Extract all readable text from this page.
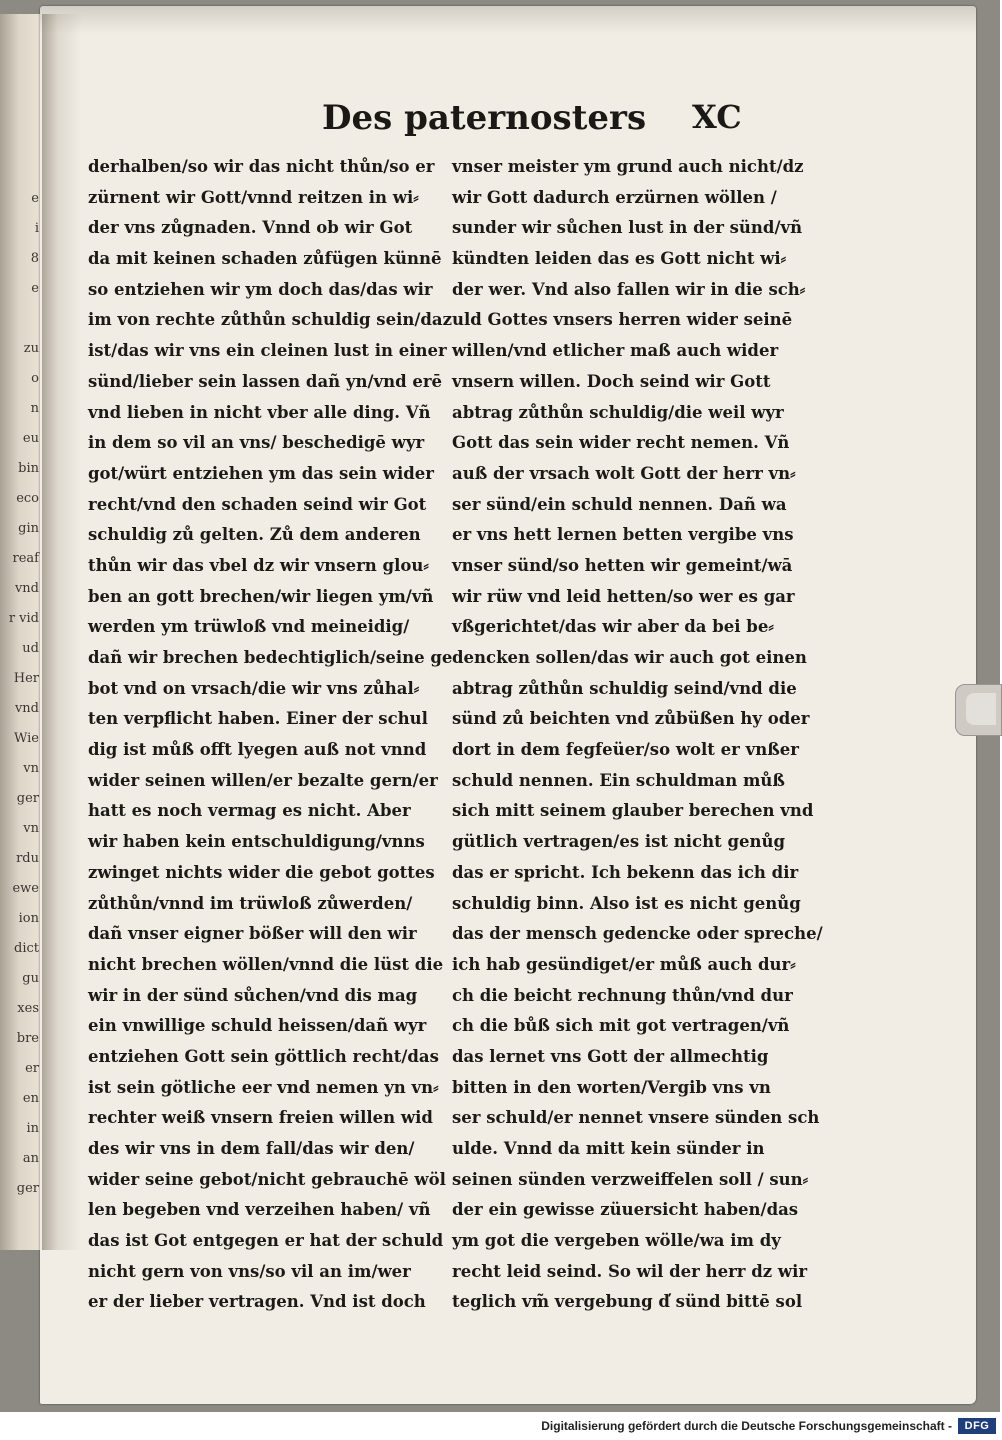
e
i
8
e

zu
o
n
eu
bin
eco
gin
reaf
vnd
r vid
ud
Her
vnd
Wie
vn
ger
vn
rdu
ewe
ion
dict
gu
xes
bre
er
en
in
an
ger
Des paternosters XC
derhalben/so wir das nicht thůn/so er
zürnent wir Gott/vnnd reitzen in wi⸗
der vns zůgnaden. Vnnd ob wir Got
da mit keinen schaden zůfügen künnē
so entziehen wir ym doch das/das wir
im von rechte zůthůn schuldig sein/daz
ist/das wir vns ein cleinen lust in einer
sünd/lieber sein lassen dañ yn/vnd erē
vnd lieben in nicht vber alle ding. Vñ
in dem so vil an vns/ beschedigē wyr
got/würt entziehen ym das sein wider
recht/vnd den schaden seind wir Got
schuldig zů gelten. Zů dem anderen
thůn wir das vbel dz wir vnsern glou⸗
ben an gott brechen/wir liegen ym/vñ
werden ym trüwloß vnd meineidig/
dañ wir brechen bedechtiglich/seine ge
bot vnd on vrsach/die wir vns zůhal⸗
ten verpflicht haben. Einer der schul
dig ist můß offt lyegen auß not vnnd
wider seinen willen/er bezalte gern/er
hatt es noch vermag es nicht. Aber
wir haben kein entschuldigung/vnns
zwinget nichts wider die gebot gottes
zůthůn/vnnd im trüwloß zůwerden/
dañ vnser eigner bößer will den wir
nicht brechen wöllen/vnnd die lüst die
wir in der sünd sůchen/vnd dis mag
ein vnwillige schuld heissen/dañ wyr
entziehen Gott sein göttlich recht/das
ist sein götliche eer vnd nemen yn vn⸗
rechter weiß vnsern freien willen wid
des wir vns in dem fall/das wir den/
wider seine gebot/nicht gebrauchē wöl
len begeben vnd verzeihen haben/ vñ
das ist Got entgegen er hat der schuld
nicht gern von vns/so vil an im/wer
er der lieber vertragen. Vnd ist doch
vnser meister ym grund auch nicht/dz
wir Gott dadurch erzürnen wöllen /
sunder wir sůchen lust in der sünd/vñ
kündten leiden das es Gott nicht wi⸗
der wer. Vnd also fallen wir in die sch⸗
uld Gottes vnsers herren wider seinē
willen/vnd etlicher maß auch wider
vnsern willen. Doch seind wir Gott
abtrag zůthůn schuldig/die weil wyr
Gott das sein wider recht nemen. Vñ
auß der vrsach wolt Gott der herr vn⸗
ser sünd/ein schuld nennen. Dañ wa
er vns hett lernen betten vergibe vns
vnser sünd/so hetten wir gemeint/wā
wir rüw vnd leid hetten/so wer es gar
vßgerichtet/das wir aber da bei be⸗
dencken sollen/das wir auch got einen
abtrag zůthůn schuldig seind/vnd die
sünd zů beichten vnd zůbüßen hy oder
dort in dem fegfeüer/so wolt er vnßer
schuld nennen. Ein schuldman můß
sich mitt seinem glauber berechen vnd
gütlich vertragen/es ist nicht genůg
das er spricht. Ich bekenn das ich dir
schuldig binn. Also ist es nicht genůg
das der mensch gedencke oder spreche/
ich hab gesündiget/er můß auch dur⸗
ch die beicht rechnung thůn/vnd dur
ch die bůß sich mit got vertragen/vñ
das lernet vns Gott der allmechtig
bitten in den worten/Vergib vns vn
ser schuld/er nennet vnsere sünden sch
ulde. Vnnd da mitt kein sünder in
seinen sünden verzweiffelen soll / sun⸗
der ein gewisse züuersicht haben/das
ym got die vergeben wölle/wa im dy
recht leid seind. So wil der herr dz wir
teglich vm̃ vergebung d̕ sünd bittē sol
Digitalisierung gefördert durch die Deutsche Forschungsgemeinschaft -	DFG
